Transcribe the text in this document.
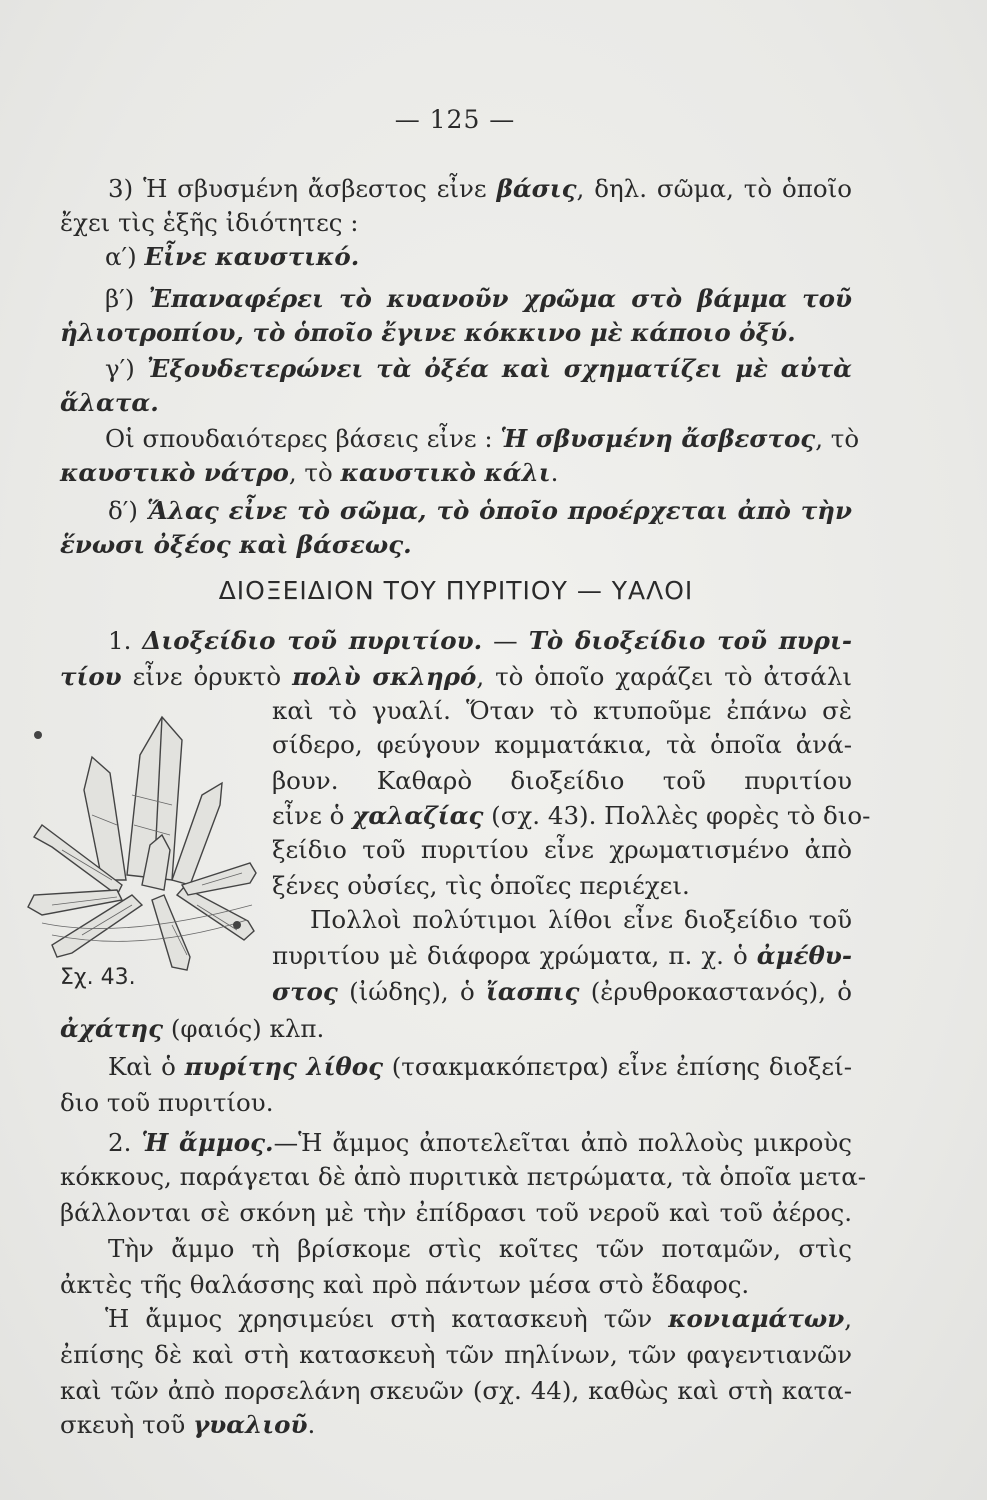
— 125 —
3) Ἡ σβυσμένη ἄσβεστος εἶνε βάσις, δηλ. σῶμα, τὸ ὁποῖο
ἔχει τὶς ἑξῆς ἰδιότητες :
α′) Εἶνε καυστικό.
β′) Ἐπαναφέρει τὸ κυανοῦν χρῶμα στὸ βάμμα τοῦ
ἡλιοτροπίου, τὸ ὁποῖο ἔγινε κόκκινο μὲ κάποιο ὀξύ.
γ′) Ἐξουδετερώνει τὰ ὀξέα καὶ σχηματίζει μὲ αὐτὰ
ἅλατα.
Οἱ σπουδαιότερες βάσεις εἶνε : Ἡ σβυσμένη ἄσβεστος, τὸ
καυστικὸ νάτρο, τὸ καυστικὸ κάλι.
δ′) Ἅλας εἶνε τὸ σῶμα, τὸ ὁποῖο προέρχεται ἀπὸ τὴν
ἕνωσι ὀξέος καὶ βάσεως.
ΔΙΟΞΕΙΔΙΟΝ ΤΟΥ ΠΥΡΙΤΙΟΥ — ΥΑΛΟΙ
1. Διοξείδιο τοῦ πυριτίου. — Τὸ διοξείδιο τοῦ πυρι-
τίου εἶνε ὀρυκτὸ πολὺ σκληρό, τὸ ὁποῖο χαράζει τὸ ἀτσάλι
Σχ. 43.
καὶ τὸ γυαλί. Ὅταν τὸ κτυποῦμε ἐπάνω σὲ
σίδερο, φεύγουν κομματάκια, τὰ ὁποῖα ἀνά-
βουν. Καθαρὸ διοξείδιο τοῦ πυριτίου
εἶνε ὁ χαλαζίας (σχ. 43). Πολλὲς φορὲς τὸ διο-
ξείδιο τοῦ πυριτίου εἶνε χρωματισμένο ἀπὸ
ξένες οὐσίες, τὶς ὁποῖες περιέχει.
Πολλοὶ πολύτιμοι λίθοι εἶνε διοξείδιο τοῦ
πυριτίου μὲ διάφορα χρώματα, π. χ. ὁ ἀμέθυ-
στος (ἰώδης), ὁ ἴασπις (ἐρυθροκαστανός), ὁ
ἀχάτης (φαιός) κλπ.
Καὶ ὁ πυρίτης λίθος (τσακμακόπετρα) εἶνε ἐπίσης διοξεί-
διο τοῦ πυριτίου.
2. Ἡ ἄμμος.—Ἡ ἄμμος ἀποτελεῖται ἀπὸ πολλοὺς μικροὺς
κόκκους, παράγεται δὲ ἀπὸ πυριτικὰ πετρώματα, τὰ ὁποῖα μετα-
βάλλονται σὲ σκόνη μὲ τὴν ἐπίδρασι τοῦ νεροῦ καὶ τοῦ ἀέρος.
Τὴν ἄμμο τὴ βρίσκομε στὶς κοῖτες τῶν ποταμῶν, στὶς
ἀκτὲς τῆς θαλάσσης καὶ πρὸ πάντων μέσα στὸ ἔδαφος.
Ἡ ἄμμος χρησιμεύει στὴ κατασκευὴ τῶν κονιαμάτων,
ἐπίσης δὲ καὶ στὴ κατασκευὴ τῶν πηλίνων, τῶν φαγεντιανῶν
καὶ τῶν ἀπὸ πορσελάνη σκευῶν (σχ. 44), καθὼς καὶ στὴ κατα-
σκευὴ τοῦ γυαλιοῦ.
